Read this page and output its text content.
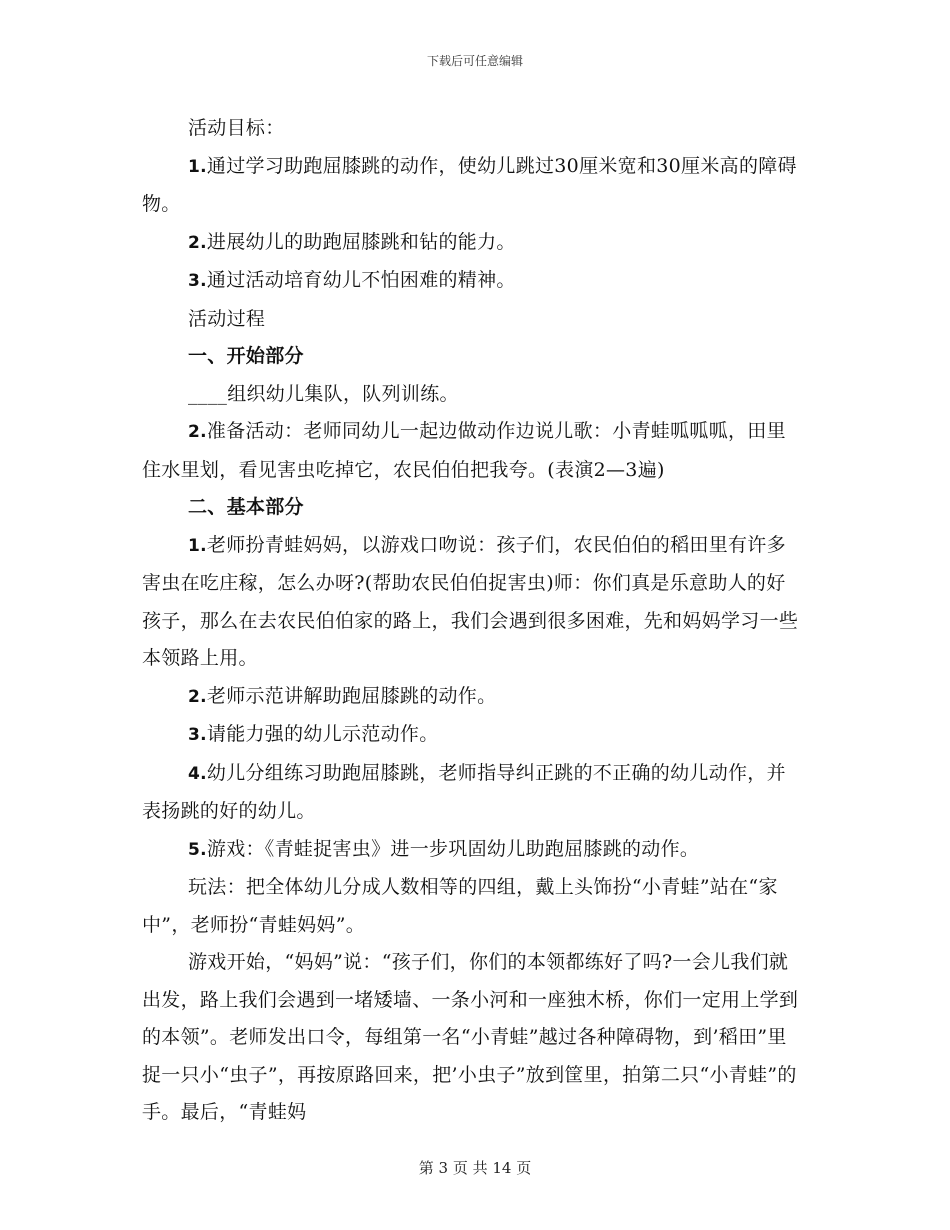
下载后可任意编辑

活动目标：

1.通过学习助跑屈膝跳的动作，使幼儿跳过30厘米宽和30厘米高的障碍物。

2.进展幼儿的助跑屈膝跳和钻的能力。

3.通过活动培育幼儿不怕困难的精神。

活动过程

一、开始部分

____组织幼儿集队，队列训练。

2.准备活动：老师同幼儿一起边做动作边说儿歌：小青蛙呱呱呱，田里住水里划，看见害虫吃掉它，农民伯伯把我夸。(表演2—3遍)

二、基本部分

1.老师扮青蛙妈妈，以游戏口吻说：孩子们，农民伯伯的稻田里有许多害虫在吃庄稼，怎么办呀?(帮助农民伯伯捉害虫)师：你们真是乐意助人的好孩子，那么在去农民伯伯家的路上，我们会遇到很多困难，先和妈妈学习一些本领路上用。

2.老师示范讲解助跑屈膝跳的动作。

3.请能力强的幼儿示范动作。

4.幼儿分组练习助跑屈膝跳，老师指导纠正跳的不正确的幼儿动作，并表扬跳的好的幼儿。

5.游戏：《青蛙捉害虫》进一步巩固幼儿助跑屈膝跳的动作。

玩法：把全体幼儿分成人数相等的四组，戴上头饰扮“小青蛙”站在“家中”，老师扮“青蛙妈妈”。

游戏开始，“妈妈”说：“孩子们，你们的本领都练好了吗?一会儿我们就出发，路上我们会遇到一堵矮墙、一条小河和一座独木桥，你们一定用上学到的本领”。老师发出口令，每组第一名“小青蛙”越过各种障碍物，到’稻田”里捉一只小“虫子”，再按原路回来，把’小虫子”放到筐里，拍第二只“小青蛙”的手。最后，“青蛙妈

第 3 页 共 14 页
